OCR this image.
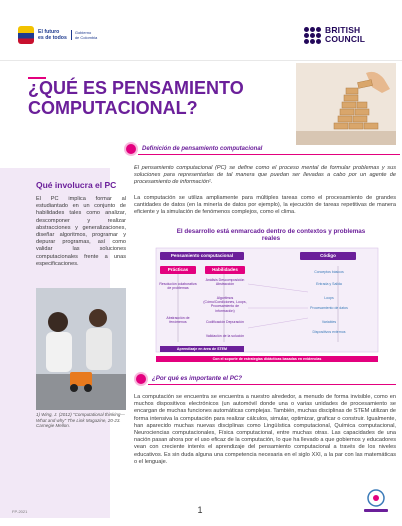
El futuro
es de todos
Gobierno
de Colombia
BRITISH
COUNCIL
¿QUÉ ES PENSAMIENTO COMPUTACIONAL?
Definición de pensamiento computacional
Qué involucra el PC

El PC implica formar al estudiantado en un conjunto de habilidades tales como analizar, descomponer y realizar abstracciones y generalizaciones, diseñar algoritmos, programar y depurar programas, así como validar las soluciones computacionales frente a unas especificaciones.

1) Wing, J. (2012) "Computational thinking—What and why" The Link Magazine, 20-23. Carnegie Mellon.

El pensamiento computacional (PC) se define como el proceso mental de formular problemas y sus soluciones para representarlas de tal manera que puedan ser llevadas a cabo por un agente de procesamiento de información¹.

La computación se utiliza ampliamente para múltiples tareas como el procesamiento de grandes cantidades de datos (en la minería de datos por ejemplo), la ejecución de tareas repetitivas de manera eficiente y la simulación de fenómenos complejos, como el clima.

El desarrollo está enmarcado dentro de contextos y problemas reales
Pensamiento computacional	Código
Prácticas	Habilidades
Resolución colaborativa de problemas
Abstracción de fenómenos
Análisis Descomposición Abstracción
Algoritmos (Cómo/Condiciones, Loops, Procesamiento de información)
Codificación Depuración
Validación de la solución
Conceptos básicos
Entrada y Salida
Loops
Procesamiento de datos
Variables
Dispositivos externos
Aprendizaje en área de STEM
Con el soporte de estrategias didácticas basadas en evidencias
¿Por qué es importante el PC?

La computación se encuentra se encuentra a nuestro alrededor, a menudo de forma invisible, como en muchos dispositivos electrónicos (un automóvil donde una o varias unidades de procesamiento se encargan de muchas funciones automáticas complejas. También, muchas disciplinas de STEM utilizan de forma intensiva la computación para realizar cálculos, simular, optimizar, graficar o construir. Igualmente, han aparecido muchas nuevas disciplinas como Lingüística computacional, Química computacional, Neurociencias computacionales, Física computacional, entre muchas otras. Las capacidades de una nación pasan ahora por el uso eficaz de la computación, lo que ha llevado a que gobiernos y educadores vean con creciente interés el aprendizaje del pensamiento computacional a través de los niveles educativos. Es sin duda alguna una competencia necesaria en el siglo XXI, a la par con las matemáticas o el lenguaje.

FP-2021	1
